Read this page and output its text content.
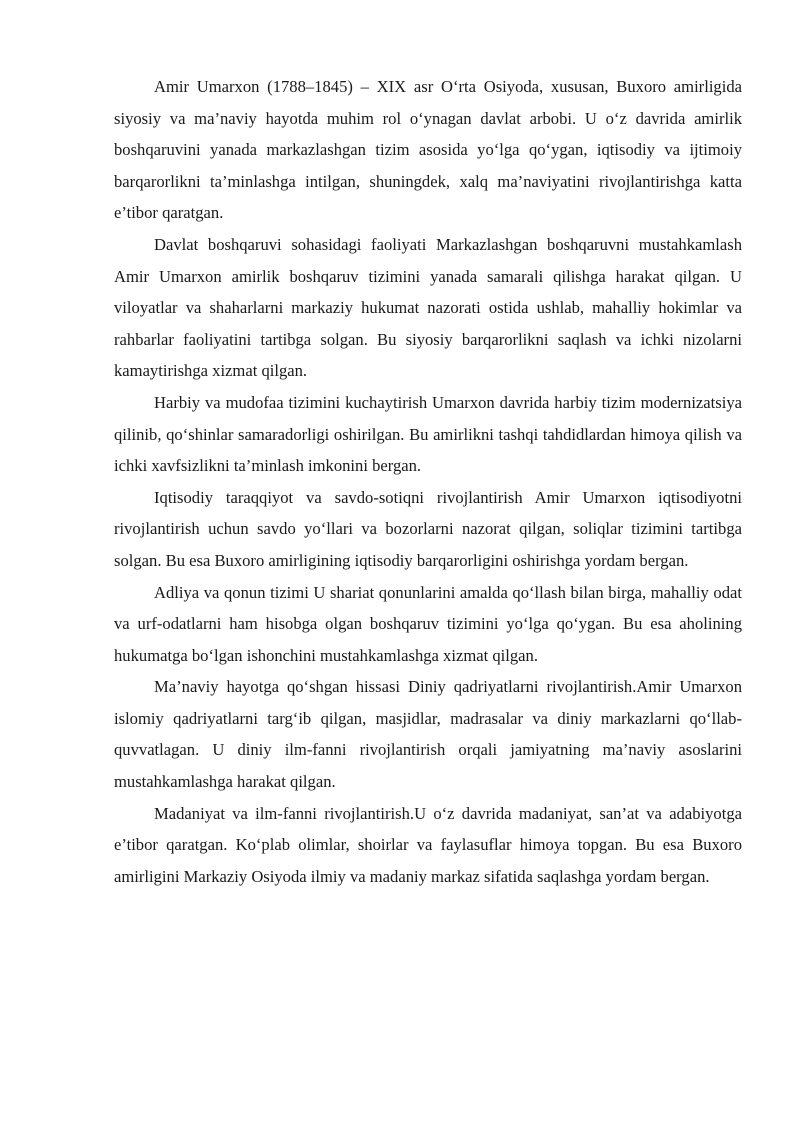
Amir Umarxon (1788–1845) – XIX asr O‘rta Osiyoda, xususan, Buxoro amirligida siyosiy va ma’naviy hayotda muhim rol o‘ynagan davlat arbobi. U o‘z davrida amirlik boshqaruvini yanada markazlashgan tizim asosida yo‘lga qo‘ygan, iqtisodiy va ijtimoiy barqarorlikni ta’minlashga intilgan, shuningdek, xalq ma’naviyatini rivojlantirishga katta e’tibor qaratgan.

Davlat boshqaruvi sohasidagi faoliyati Markazlashgan boshqaruvni mustahkamlash Amir Umarxon amirlik boshqaruv tizimini yanada samarali qilishga harakat qilgan. U viloyatlar va shaharlarni markaziy hukumat nazorati ostida ushlab, mahalliy hokimlar va rahbarlar faoliyatini tartibga solgan. Bu siyosiy barqarorlikni saqlash va ichki nizolarni kamaytirishga xizmat qilgan.

Harbiy va mudofaa tizimini kuchaytirish Umarxon davrida harbiy tizim modernizatsiya qilinib, qo‘shinlar samaradorligi oshirilgan. Bu amirlikni tashqi tahdidlardan himoya qilish va ichki xavfsizlikni ta’minlash imkonini bergan.

Iqtisodiy taraqqiyot va savdo-sotiqni rivojlantirish Amir Umarxon iqtisodiyotni rivojlantirish uchun savdo yo‘llari va bozorlarni nazorat qilgan, soliqlar tizimini tartibga solgan. Bu esa Buxoro amirligining iqtisodiy barqarorligini oshirishga yordam bergan.

Adliya va qonun tizimi U shariat qonunlarini amalda qo‘llash bilan birga, mahalliy odat va urf-odatlarni ham hisobga olgan boshqaruv tizimini yo‘lga qo‘ygan. Bu esa aholining hukumatga bo‘lgan ishonchini mustahkamlashga xizmat qilgan.

Ma’naviy hayotga qo‘shgan hissasi Diniy qadriyatlarni rivojlantirish.Amir Umarxon islomiy qadriyatlarni targ‘ib qilgan, masjidlar, madrasalar va diniy markazlarni qo‘llab-quvvatlagan. U diniy ilm-fanni rivojlantirish orqali jamiyatning ma’naviy asoslarini mustahkamlashga harakat qilgan.

Madaniyat va ilm-fanni rivojlantirish.U o‘z davrida madaniyat, san’at va adabiyotga e’tibor qaratgan. Ko‘plab olimlar, shoirlar va faylasuflar himoya topgan. Bu esa Buxoro amirligini Markaziy Osiyoda ilmiy va madaniy markaz sifatida saqlashga yordam bergan.
